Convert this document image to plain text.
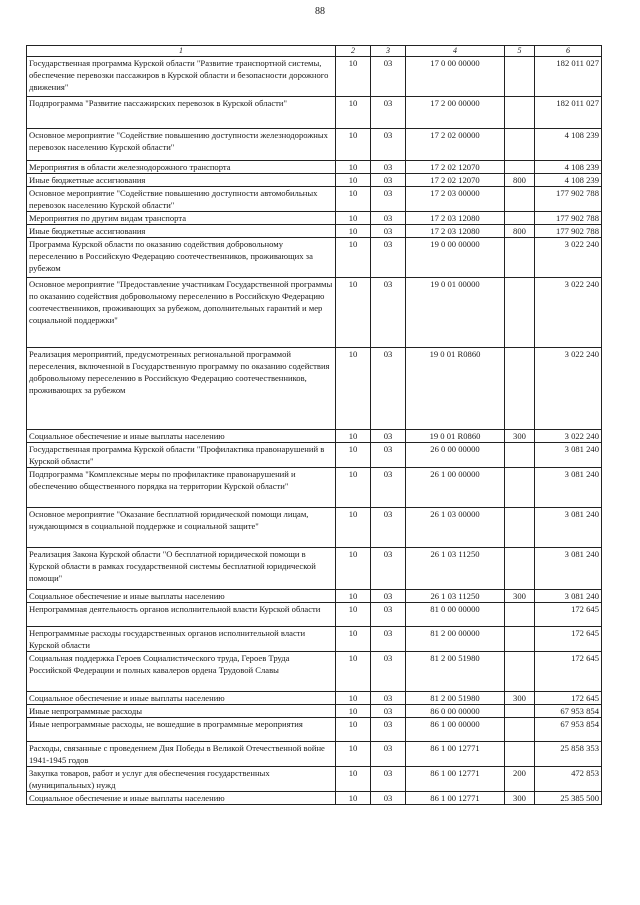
88
1	2	3	4	5	6
Государственная программа Курской области "Развитие транспортной системы, обеспечение перевозки пассажиров в Курской области и безопасности дорожного движения"	10	03	17 0 00 00000		182 011 027
Подпрограмма "Развитие пассажирских перевозок в Курской области"	10	03	17 2 00 00000		182 011 027
Основное мероприятие "Содействие повышению доступности железнодорожных перевозок населению Курской области"	10	03	17 2 02 00000		4 108 239
Мероприятия в области железнодорожного транспорта	10	03	17 2 02 12070		4 108 239
Иные бюджетные ассигнования	10	03	17 2 02 12070	800	4 108 239
Основное мероприятие "Содействие повышению доступности автомобильных перевозок населению Курской области"	10	03	17 2 03 00000		177 902 788
Мероприятия по другим видам транспорта	10	03	17 2 03 12080		177 902 788
Иные бюджетные ассигнования	10	03	17 2 03 12080	800	177 902 788
Программа Курской области по оказанию содействия добровольному переселению в Российскую Федерацию соотечественников, проживающих за рубежом	10	03	19 0 00 00000		3 022 240
Основное мероприятие "Предоставление участникам Государственной программы по оказанию содействия добровольному переселению в Российскую Федерацию соотечественников, проживающих за рубежом, дополнительных гарантий и мер социальной поддержки"	10	03	19 0 01 00000		3 022 240
Реализация мероприятий, предусмотренных региональной программой переселения, включенной в Государственную программу по оказанию содействия добровольному переселению в Российскую Федерацию соотечественников, проживающих за рубежом	10	03	19 0 01 R0860		3 022 240
Социальное обеспечение и иные выплаты населению	10	03	19 0 01 R0860	300	3 022 240
Государственная программа Курской области "Профилактика правонарушений в Курской области"	10	03	26 0 00 00000		3 081 240
Подпрограмма "Комплексные меры по профилактике правонарушений и обеспечению общественного порядка на территории Курской области"	10	03	26 1 00 00000		3 081 240
Основное мероприятие "Оказание бесплатной юридической помощи лицам, нуждающимся в социальной поддержке и социальной защите"	10	03	26 1 03 00000		3 081 240
Реализация Закона Курской области "О бесплатной юридической помощи в Курской области в рамках государственной системы бесплатной юридической помощи"	10	03	26 1 03 11250		3 081 240
Социальное обеспечение и иные выплаты населению	10	03	26 1 03 11250	300	3 081 240
Непрограммная деятельность органов исполнительной власти Курской области	10	03	81 0 00 00000		172 645
Непрограммные расходы государственных органов исполнительной власти Курской области	10	03	81 2 00 00000		172 645
Социальная поддержка Героев Социалистического труда, Героев Труда Российской Федерации и полных кавалеров ордена Трудовой Славы	10	03	81 2 00 51980		172 645
Социальное обеспечение и иные выплаты населению	10	03	81 2 00 51980	300	172 645
Иные непрограммные расходы	10	03	86 0 00 00000		67 953 854
Иные непрограммные расходы, не вошедшие в программные мероприятия	10	03	86 1 00 00000		67 953 854
Расходы, связанные с проведением Дня Победы в Великой Отечественной войне 1941-1945 годов	10	03	86 1 00 12771		25 858 353
Закупка товаров, работ и услуг для обеспечения государственных (муниципальных) нужд	10	03	86 1 00 12771	200	472 853
Социальное обеспечение и иные выплаты населению	10	03	86 1 00 12771	300	25 385 500
